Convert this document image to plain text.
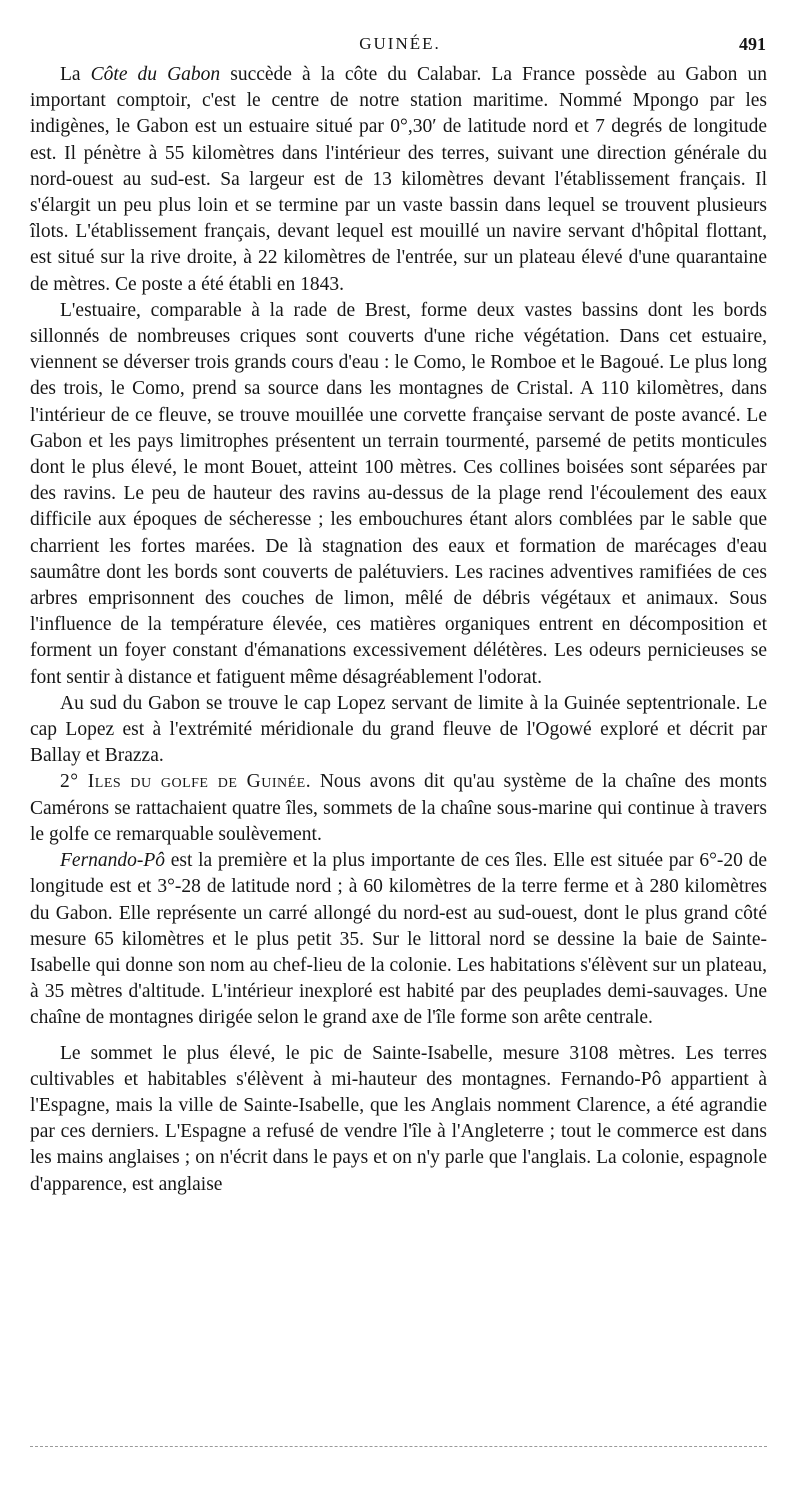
GUINÉE.	491

La Côte du Gabon succède à la côte du Calabar. La France possède au Gabon un important comptoir, c'est le centre de notre station maritime. Nommé Mpongo par les indigènes, le Gabon est un estuaire situé par 0°,30′ de latitude nord et 7 degrés de longitude est. Il pénètre à 55 kilomètres dans l'intérieur des terres, suivant une direction générale du nord-ouest au sud-est. Sa largeur est de 13 kilomètres devant l'établissement français. Il s'élargit un peu plus loin et se termine par un vaste bassin dans lequel se trouvent plusieurs îlots. L'établissement français, devant lequel est mouillé un navire servant d'hôpital flottant, est situé sur la rive droite, à 22 kilomètres de l'entrée, sur un plateau élevé d'une quarantaine de mètres. Ce poste a été établi en 1843.

L'estuaire, comparable à la rade de Brest, forme deux vastes bassins dont les bords sillonnés de nombreuses criques sont couverts d'une riche végétation. Dans cet estuaire, viennent se déverser trois grands cours d'eau : le Como, le Romboe et le Bagoué. Le plus long des trois, le Como, prend sa source dans les montagnes de Cristal. A 110 kilomètres, dans l'intérieur de ce fleuve, se trouve mouillée une corvette française servant de poste avancé. Le Gabon et les pays limitrophes présentent un terrain tourmenté, parsemé de petits monticules dont le plus élevé, le mont Bouet, atteint 100 mètres. Ces collines boisées sont séparées par des ravins. Le peu de hauteur des ravins au-dessus de la plage rend l'écoulement des eaux difficile aux époques de sécheresse ; les embouchures étant alors comblées par le sable que charrient les fortes marées. De là stagnation des eaux et formation de marécages d'eau saumâtre dont les bords sont couverts de palétuviers. Les racines adventives ramifiées de ces arbres emprisonnent des couches de limon, mêlé de débris végétaux et animaux. Sous l'influence de la température élevée, ces matières organiques entrent en décomposition et forment un foyer constant d'émanations excessivement délétères. Les odeurs pernicieuses se font sentir à distance et fatiguent même désagréablement l'odorat.

Au sud du Gabon se trouve le cap Lopez servant de limite à la Guinée septentrionale. Le cap Lopez est à l'extrémité méridionale du grand fleuve de l'Ogowé exploré et décrit par Ballay et Brazza.

2° Iles du golfe de Guinée. Nous avons dit qu'au système de la chaîne des monts Camérons se rattachaient quatre îles, sommets de la chaîne sous-marine qui continue à travers le golfe ce remarquable soulèvement.

Fernando-Pô est la première et la plus importante de ces îles. Elle est située par 6°-20 de longitude est et 3°-28 de latitude nord ; à 60 kilomètres de la terre ferme et à 280 kilomètres du Gabon. Elle représente un carré allongé du nord-est au sud-ouest, dont le plus grand côté mesure 65 kilomètres et le plus petit 35. Sur le littoral nord se dessine la baie de Sainte-Isabelle qui donne son nom au chef-lieu de la colonie. Les habitations s'élèvent sur un plateau, à 35 mètres d'altitude. L'intérieur inexploré est habité par des peuplades demi-sauvages. Une chaîne de montagnes dirigée selon le grand axe de l'île forme son arête centrale.

Le sommet le plus élevé, le pic de Sainte-Isabelle, mesure 3108 mètres. Les terres cultivables et habitables s'élèvent à mi-hauteur des montagnes. Fernando-Pô appartient à l'Espagne, mais la ville de Sainte-Isabelle, que les Anglais nomment Clarence, a été agrandie par ces derniers. L'Espagne a refusé de vendre l'île à l'Angleterre ; tout le commerce est dans les mains anglaises ; on n'écrit dans le pays et on n'y parle que l'anglais. La colonie, espagnole d'apparence, est anglaise
